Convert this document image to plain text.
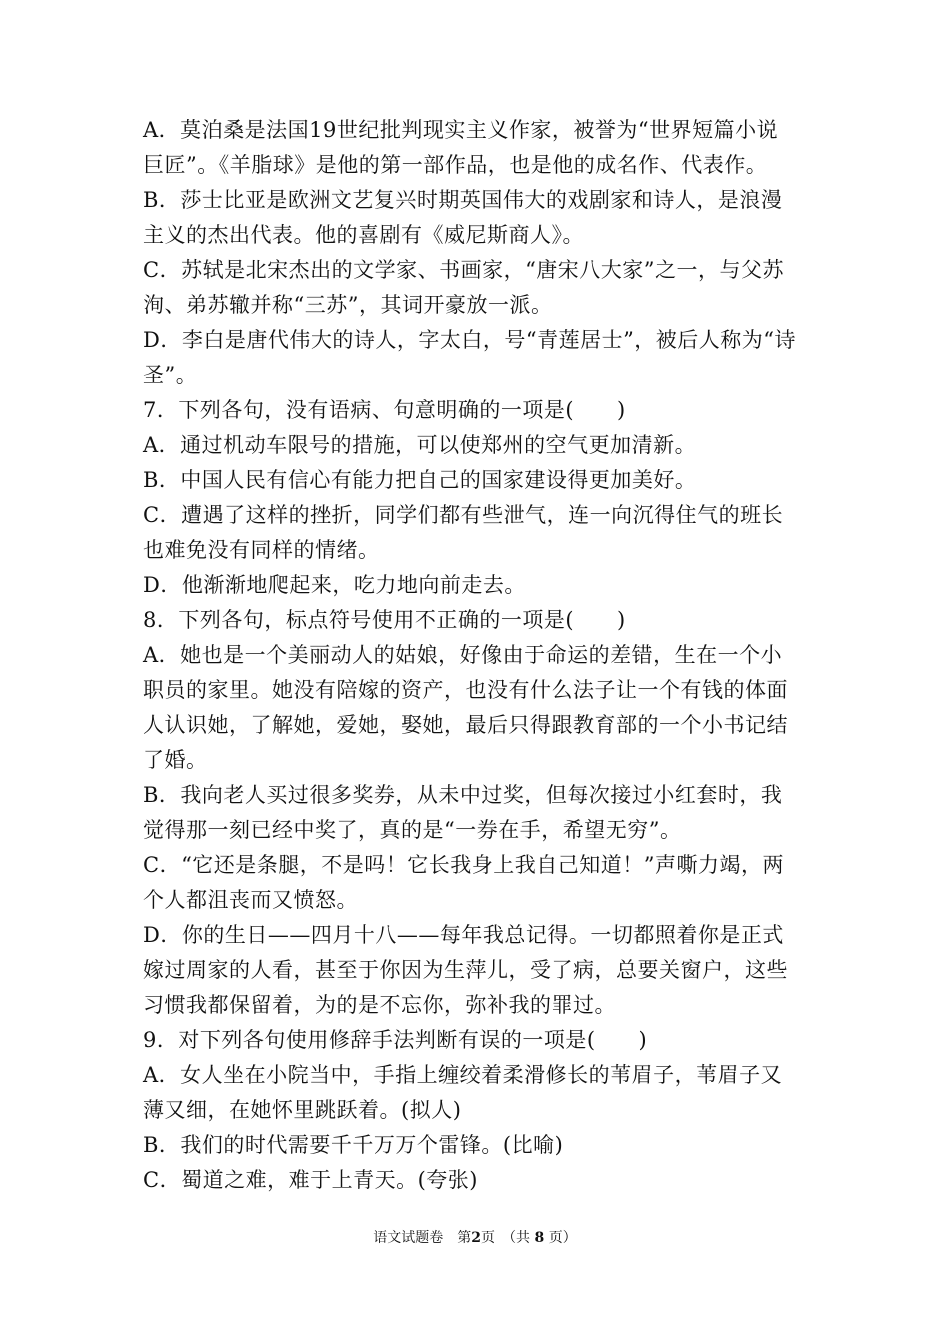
A．莫泊桑是法国19世纪批判现实主义作家，被誉为“世界短篇小说
巨匠”。《羊脂球》是他的第一部作品，也是他的成名作、代表作。
B．莎士比亚是欧洲文艺复兴时期英国伟大的戏剧家和诗人，是浪漫
主义的杰出代表。他的喜剧有《威尼斯商人》。
C．苏轼是北宋杰出的文学家、书画家，“唐宋八大家”之一，与父苏
洵、弟苏辙并称“三苏”，其词开豪放一派。
D．李白是唐代伟大的诗人，字太白，号“青莲居士”，被后人称为“诗
圣”。
7．下列各句，没有语病、句意明确的一项是(　　)
A．通过机动车限号的措施，可以使郑州的空气更加清新。
B．中国人民有信心有能力把自己的国家建设得更加美好。
C．遭遇了这样的挫折，同学们都有些泄气，连一向沉得住气的班长
也难免没有同样的情绪。
D．他渐渐地爬起来，吃力地向前走去。
8．下列各句，标点符号使用不正确的一项是(　　)
A．她也是一个美丽动人的姑娘，好像由于命运的差错，生在一个小
职员的家里。她没有陪嫁的资产，也没有什么法子让一个有钱的体面
人认识她，了解她，爱她，娶她，最后只得跟教育部的一个小书记结
了婚。
B．我向老人买过很多奖券，从未中过奖，但每次接过小红套时，我
觉得那一刻已经中奖了，真的是“一券在手，希望无穷”。
C．“它还是条腿，不是吗！它长我身上我自己知道！”声嘶力竭，两
个人都沮丧而又愤怒。
D．你的生日——四月十八——每年我总记得。一切都照着你是正式
嫁过周家的人看，甚至于你因为生萍儿，受了病，总要关窗户，这些
习惯我都保留着，为的是不忘你，弥补我的罪过。
9．对下列各句使用修辞手法判断有误的一项是(　　)
A．女人坐在小院当中，手指上缠绞着柔滑修长的苇眉子，苇眉子又
薄又细，在她怀里跳跃着。(拟人)
B．我们的时代需要千千万万个雷锋。(比喻)
C．蜀道之难，难于上青天。(夸张)
语文试题卷　第2页　（共 8 页）
